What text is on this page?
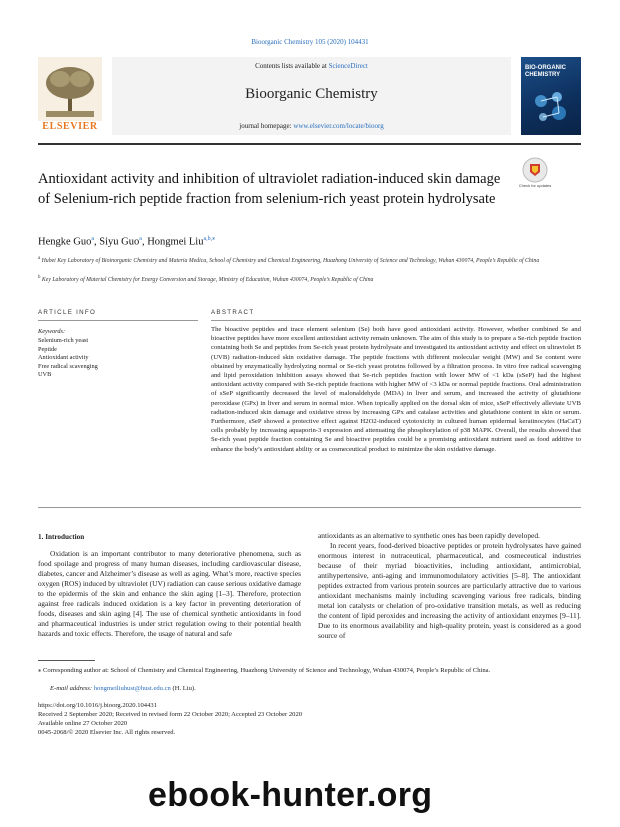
Bioorganic Chemistry 105 (2020) 104431
ELSEVIER
Contents lists available at ScienceDirect
Bioorganic Chemistry
journal homepage: www.elsevier.com/locate/bioorg
BIO-ORGANIC CHEMISTRY
Antioxidant activity and inhibition of ultraviolet radiation-induced skin damage of Selenium-rich peptide fraction from selenium-rich yeast protein hydrolysate
Check for updates
Hengke Guo$^a$, Siyu Guo$^a$, Hongmei Liu$^{a,b,⁎}$
$^a$ Hubei Key Laboratory of Bioinorganic Chemistry and Materia Medica, School of Chemistry and Chemical Engineering, Huazhong University of Science and Technology, Wuhan 430074, People’s Republic of China
$^b$ Key Laboratory of Material Chemistry for Energy Conversion and Storage, Ministry of Education, Wuhan 430074, People’s Republic of China
ARTICLE INFO
Keywords:
Selenium-rich yeast
Peptide
Antioxidant activity
Free radical scavenging
UVB
ABSTRACT
The bioactive peptides and trace element selenium (Se) both have good antioxidant activity. However, whether combined Se and bioactive peptides have more excellent antioxidant activity remain unknown. The aim of this study is to prepare a Se-rich peptide fraction containing both Se and peptides from Se-rich yeast protein hydrolysate and investigated its antioxidant activity and effect on ultraviolet B (UVB) radiation-induced skin oxidative damage. The peptide fractions with different molecular weight (MW) and Se content were obtained by enzymatically hydrolyzing normal or Se-rich yeast proteins followed by a filtration process. In vitro free radical scavenging and lipid peroxidation inhibition assays showed that Se-rich peptides fraction with lower MW of <1 kDa (sSeP) had the highest antioxidant activity compared with Se-rich peptide fractions with higher MW of <3 kDa or normal peptide fractions. Oral administration of sSeP significantly decreased the level of malonaldehyde (MDA) in liver and serum, and increased the activity of glutathione peroxidase (GPx) in liver and serum in normal mice. When topically applied on the dorsal skin of mice, sSeP effectively alleviate UVB radiation-induced skin damage and oxidative stress by increasing GPx and catalase activities and glutathione content in skin or serum. Furthermore, sSeP showed a protective effect against H2O2-induced cytotoxicity in cultured human epidermal keratinocytes (HaCaT) cells probably by increasing aquaporin-3 expression and attenuating the phosphorylation of p38 MAPK. Overall, the results showed that Se-rich yeast peptide fraction containing Se and bioactive peptides could be a promising antioxidant nutrient used as food additive to enhance the body’s antioxidant ability or as cosmeceutical product to minimize the skin oxidative damage.
1. Introduction

Oxidation is an important contributor to many deteriorative phenomena, such as food spoilage and progress of many human diseases, including cardiovascular disease, diabetes, cancer and Alzheimer’s disease as well as aging. What’s more, reactive species oxygen (ROS) induced by ultraviolet (UV) radiation can cause serious oxidative damage to the epidermis of the skin and enhance the skin aging [1–3]. Therefore, protection against free radicals induced oxidation is a key factor in preventing deterioration of foods, diseases and skin aging [4]. The use of chemical synthetic antioxidants in food and pharmaceutical industries is under strict regulation owing to their potential health hazards and toxic effects. Therefore, the usage of natural and safe

antioxidants as an alternative to synthetic ones has been rapidly developed.

In recent years, food-derived bioactive peptides or protein hydrolysates have gained enormous interest in nutraceutical, pharmaceutical, and cosmeceutical industries because of their myriad bioactivities, including antioxidant, antimicrobial, antihypertensive, anti-aging and immunomodulatory activities [5–8]. The antioxidant peptides extracted from various protein sources are particularly attractive due to various antioxidant mechanisms mainly including scavenging various free radicals, binding metal ion catalysts or chelation of pro-oxidative transition metals, as well as reducing the content of lipid peroxides and increasing the activity of antioxidant enzymes [9–11]. Due to its enormous availability and high-quality protein, yeast is considered as a good source of

⁎ Corresponding author at: School of Chemistry and Chemical Engineering, Huazhong University of Science and Technology, Wuhan 430074, People’s Republic of China.
E-mail address: hongmeiliuhust@hust.edu.cn (H. Liu).
https://doi.org/10.1016/j.bioorg.2020.104431
Received 2 September 2020; Received in revised form 22 October 2020; Accepted 23 October 2020
Available online 27 October 2020
0045-2068/© 2020 Elsevier Inc. All rights reserved.
ebook-hunter.org
